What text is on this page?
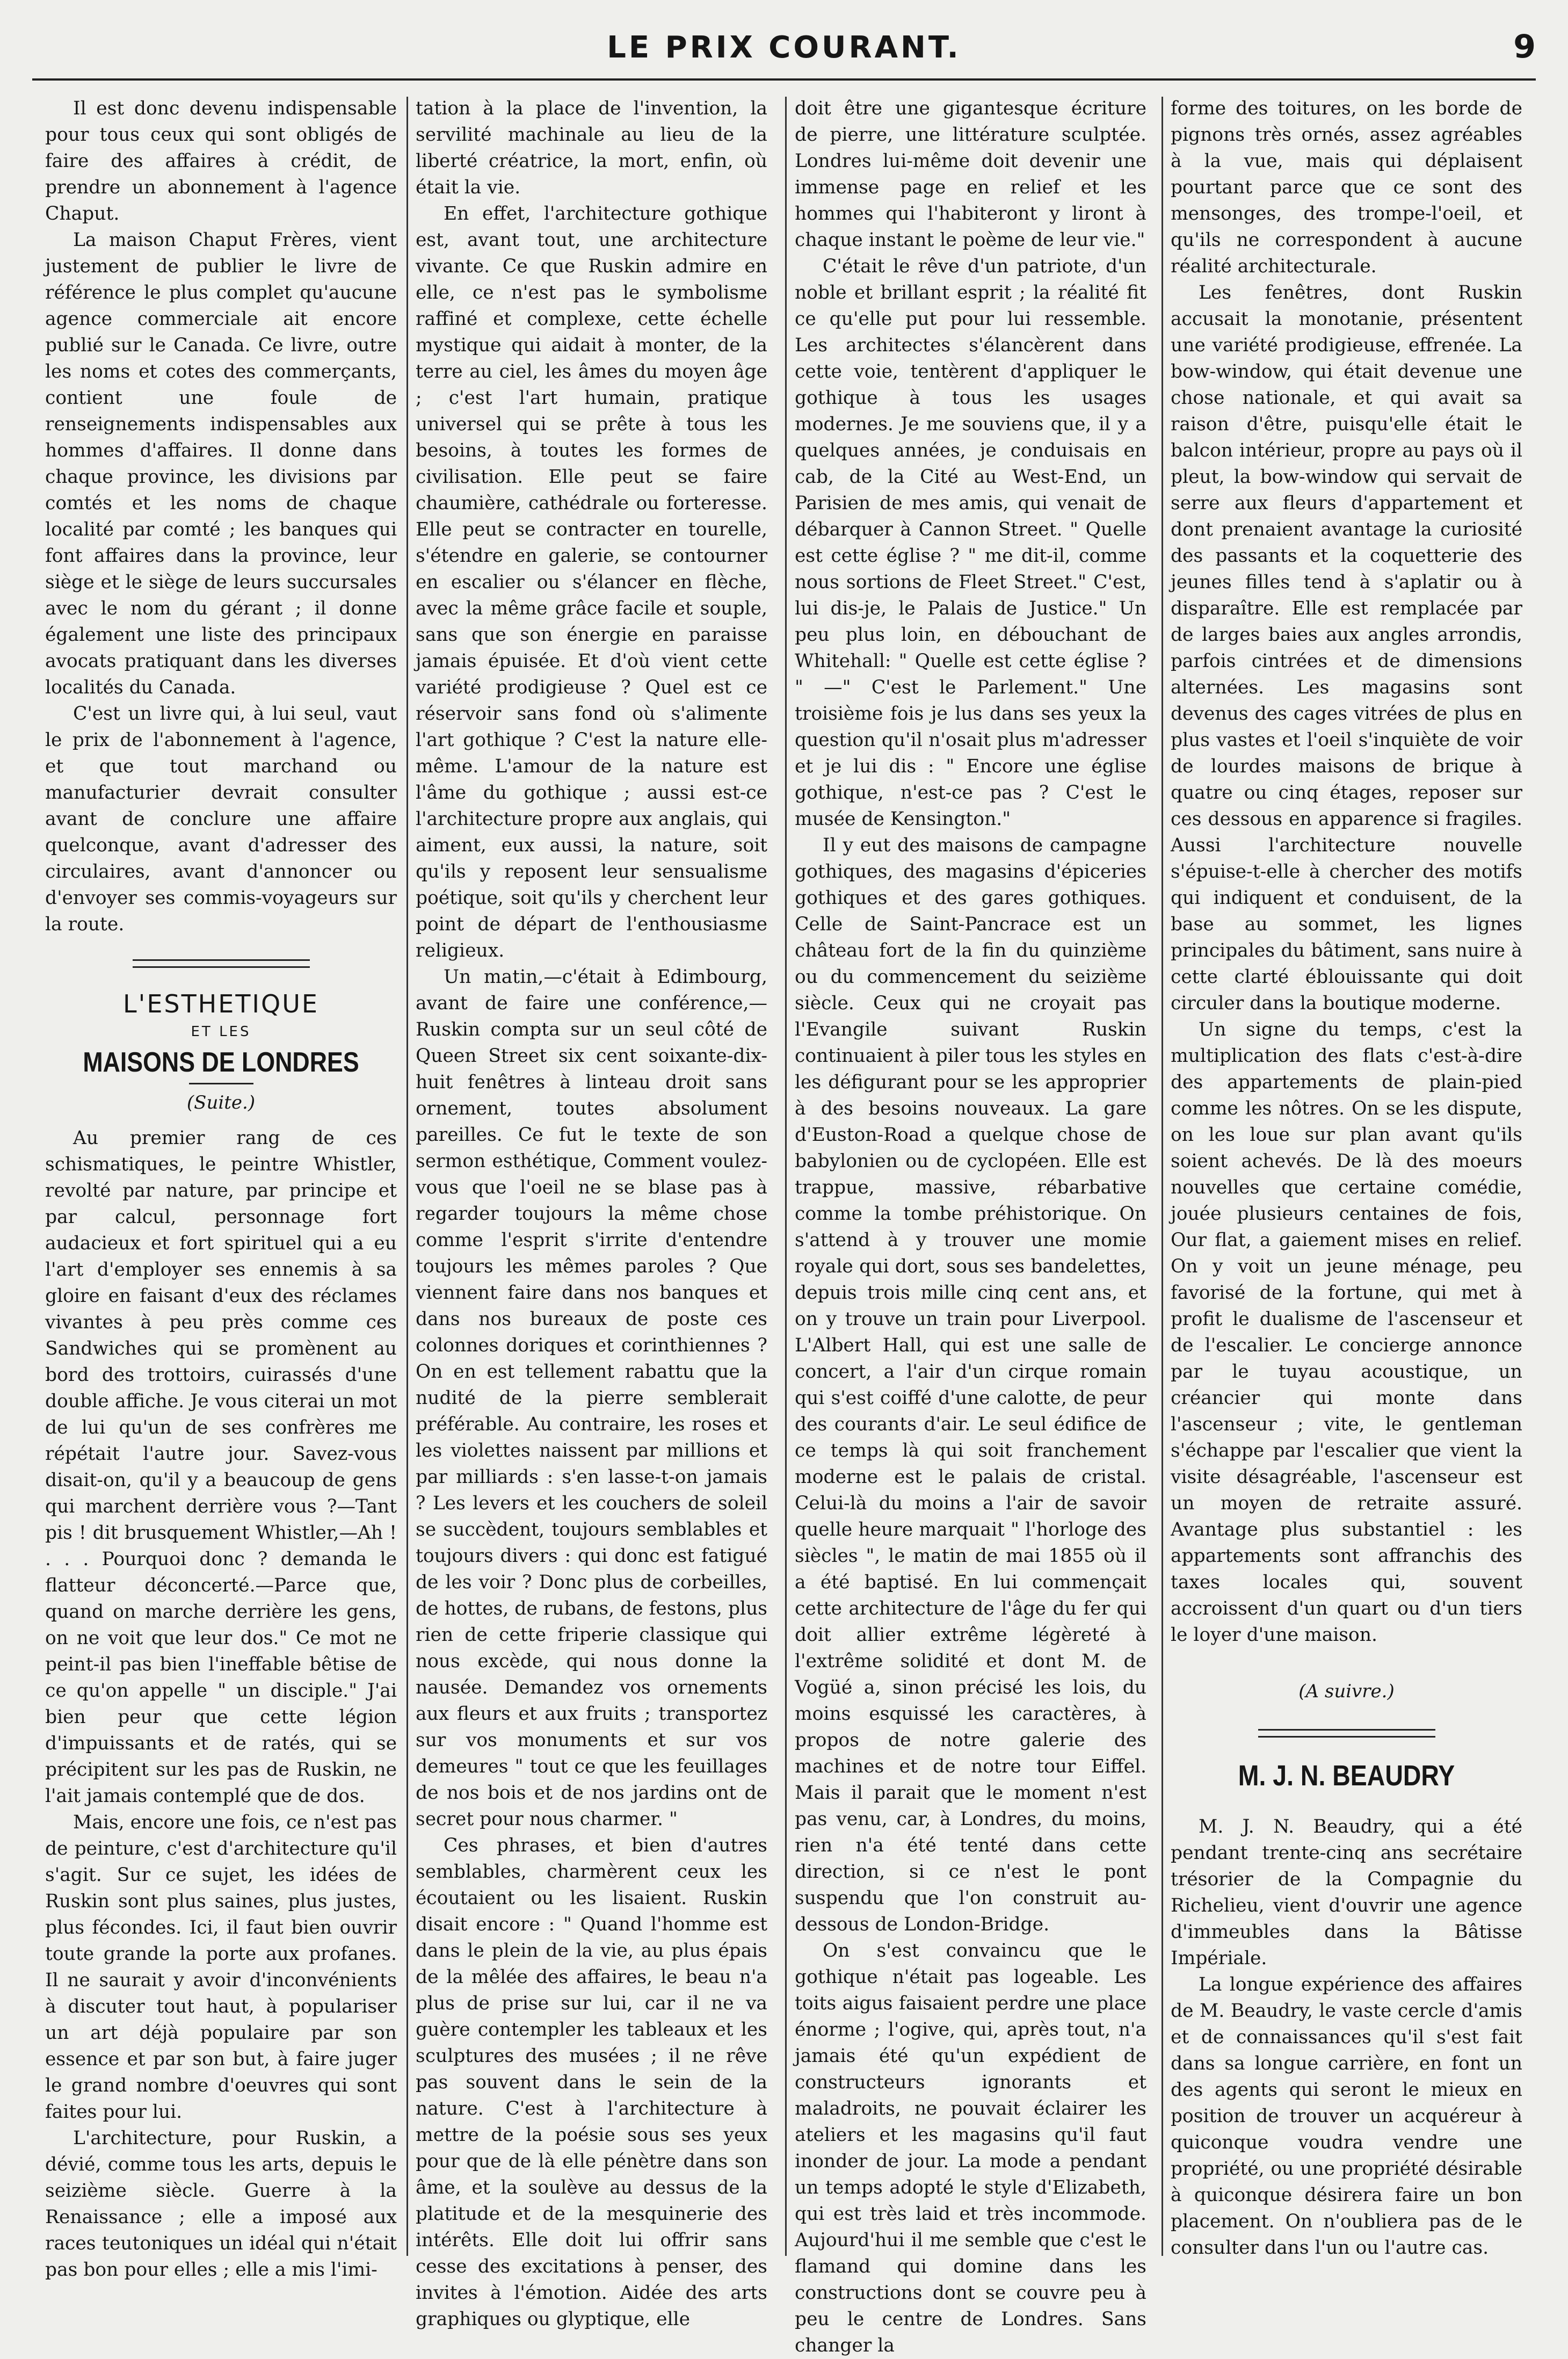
LE PRIX COURANT.	9

Il est donc devenu indispensable pour tous ceux qui sont obligés de faire des affaires à crédit, de prendre un abonnement à l'agence Chaput.

La maison Chaput Frères, vient justement de publier le livre de référence le plus complet qu'aucune agence commerciale ait encore publié sur le Canada. Ce livre, outre les noms et cotes des commerçants, contient une foule de renseignements indispensables aux hommes d'affaires. Il donne dans chaque province, les divisions par comtés et les noms de chaque localité par comté ; les banques qui font affaires dans la province, leur siège et le siège de leurs succursales avec le nom du gérant ; il donne également une liste des principaux avocats pratiquant dans les diverses localités du Canada.

C'est un livre qui, à lui seul, vaut le prix de l'abonnement à l'agence, et que tout marchand ou manufacturier devrait consulter avant de conclure une affaire quelconque, avant d'adresser des circulaires, avant d'annoncer ou d'envoyer ses commis-voyageurs sur la route.

L'ESTHETIQUE
ET LES
MAISONS DE LONDRES
(Suite.)

Au premier rang de ces schismatiques, le peintre Whistler, revolté par nature, par principe et par calcul, personnage fort audacieux et fort spirituel qui a eu l'art d'employer ses ennemis à sa gloire en faisant d'eux des réclames vivantes à peu près comme ces Sandwiches qui se promènent au bord des trottoirs, cuirassés d'une double affiche. Je vous citerai un mot de lui qu'un de ses confrères me répétait l'autre jour. Savez-vous disait-on, qu'il y a beaucoup de gens qui marchent derrière vous ?—Tant pis ! dit brusquement Whistler,—Ah ! . . . Pourquoi donc ? demanda le flatteur déconcerté.—Parce que, quand on marche derrière les gens, on ne voit que leur dos." Ce mot ne peint-il pas bien l'ineffable bêtise de ce qu'on appelle " un disciple." J'ai bien peur que cette légion d'impuissants et de ratés, qui se précipitent sur les pas de Ruskin, ne l'ait jamais contemplé que de dos.

Mais, encore une fois, ce n'est pas de peinture, c'est d'architecture qu'il s'agit. Sur ce sujet, les idées de Ruskin sont plus saines, plus justes, plus fécondes. Ici, il faut bien ouvrir toute grande la porte aux profanes. Il ne saurait y avoir d'inconvénients à discuter tout haut, à populariser un art déjà populaire par son essence et par son but, à faire juger le grand nombre d'oeuvres qui sont faites pour lui.

L'architecture, pour Ruskin, a dévié, comme tous les arts, depuis le seizième siècle. Guerre à la Renaissance ; elle a imposé aux races teutoniques un idéal qui n'était pas bon pour elles ; elle a mis l'imi-

tation à la place de l'invention, la servilité machinale au lieu de la liberté créatrice, la mort, enfin, où était la vie.

En effet, l'architecture gothique est, avant tout, une architecture vivante. Ce que Ruskin admire en elle, ce n'est pas le symbolisme raffiné et complexe, cette échelle mystique qui aidait à monter, de la terre au ciel, les âmes du moyen âge ; c'est l'art humain, pratique universel qui se prête à tous les besoins, à toutes les formes de civilisation. Elle peut se faire chaumière, cathédrale ou forteresse. Elle peut se contracter en tourelle, s'étendre en galerie, se contourner en escalier ou s'élancer en flèche, avec la même grâce facile et souple, sans que son énergie en paraisse jamais épuisée. Et d'où vient cette variété prodigieuse ? Quel est ce réservoir sans fond où s'alimente l'art gothique ? C'est la nature elle-même. L'amour de la nature est l'âme du gothique ; aussi est-ce l'architecture propre aux anglais, qui aiment, eux aussi, la nature, soit qu'ils y reposent leur sensualisme poétique, soit qu'ils y cherchent leur point de départ de l'enthousiasme religieux.

Un matin,—c'était à Edimbourg, avant de faire une conférence,—Ruskin compta sur un seul côté de Queen Street six cent soixante-dix-huit fenêtres à linteau droit sans ornement, toutes absolument pareilles. Ce fut le texte de son sermon esthétique, Comment voulez-vous que l'oeil ne se blase pas à regarder toujours la même chose comme l'esprit s'irrite d'entendre toujours les mêmes paroles ? Que viennent faire dans nos banques et dans nos bureaux de poste ces colonnes doriques et corinthiennes ? On en est tellement rabattu que la nudité de la pierre semblerait préférable. Au contraire, les roses et les violettes naissent par millions et par milliards : s'en lasse-t-on jamais ? Les levers et les couchers de soleil se succèdent, toujours semblables et toujours divers : qui donc est fatigué de les voir ? Donc plus de corbeilles, de hottes, de rubans, de festons, plus rien de cette friperie classique qui nous excède, qui nous donne la nausée. Demandez vos ornements aux fleurs et aux fruits ; transportez sur vos monuments et sur vos demeures " tout ce que les feuillages de nos bois et de nos jardins ont de secret pour nous charmer. "

Ces phrases, et bien d'autres semblables, charmèrent ceux les écoutaient ou les lisaient. Ruskin disait encore : " Quand l'homme est dans le plein de la vie, au plus épais de la mêlée des affaires, le beau n'a plus de prise sur lui, car il ne va guère contempler les tableaux et les sculptures des musées ; il ne rêve pas souvent dans le sein de la nature. C'est à l'architecture à mettre de la poésie sous ses yeux pour que de là elle pénètre dans son âme, et la soulève au dessus de la platitude et de la mesquinerie des intérêts. Elle doit lui offrir sans cesse des excitations à penser, des invites à l'émotion. Aidée des arts graphiques ou glyptique, elle

doit être une gigantesque écriture de pierre, une littérature sculptée. Londres lui-même doit devenir une immense page en relief et les hommes qui l'habiteront y liront à chaque instant le poème de leur vie."

C'était le rêve d'un patriote, d'un noble et brillant esprit ; la réalité fit ce qu'elle put pour lui ressemble. Les architectes s'élancèrent dans cette voie, tentèrent d'appliquer le gothique à tous les usages modernes. Je me souviens que, il y a quelques années, je conduisais en cab, de la Cité au West-End, un Parisien de mes amis, qui venait de débarquer à Cannon Street. " Quelle est cette église ? " me dit-il, comme nous sortions de Fleet Street." C'est, lui dis-je, le Palais de Justice." Un peu plus loin, en débouchant de Whitehall: " Quelle est cette église ? " —" C'est le Parlement." Une troisième fois je lus dans ses yeux la question qu'il n'osait plus m'adresser et je lui dis : " Encore une église gothique, n'est-ce pas ? C'est le musée de Kensington."

Il y eut des maisons de campagne gothiques, des magasins d'épiceries gothiques et des gares gothiques. Celle de Saint-Pancrace est un château fort de la fin du quinzième ou du commencement du seizième siècle. Ceux qui ne croyait pas l'Evangile suivant Ruskin continuaient à piler tous les styles en les défigurant pour se les approprier à des besoins nouveaux. La gare d'Euston-Road a quelque chose de babylonien ou de cyclopéen. Elle est trappue, massive, rébarbative comme la tombe préhistorique. On s'attend à y trouver une momie royale qui dort, sous ses bandelettes, depuis trois mille cinq cent ans, et on y trouve un train pour Liverpool. L'Albert Hall, qui est une salle de concert, a l'air d'un cirque romain qui s'est coiffé d'une calotte, de peur des courants d'air. Le seul édifice de ce temps là qui soit franchement moderne est le palais de cristal. Celui-là du moins a l'air de savoir quelle heure marquait " l'horloge des siècles ", le matin de mai 1855 où il a été baptisé. En lui commençait cette architecture de l'âge du fer qui doit allier extrême légèreté à l'extrême solidité et dont M. de Vogüé a, sinon précisé les lois, du moins esquissé les caractères, à propos de notre galerie des machines et de notre tour Eiffel. Mais il parait que le moment n'est pas venu, car, à Londres, du moins, rien n'a été tenté dans cette direction, si ce n'est le pont suspendu que l'on construit au-dessous de London-Bridge.

On s'est convaincu que le gothique n'était pas logeable. Les toits aigus faisaient perdre une place énorme ; l'ogive, qui, après tout, n'a jamais été qu'un expédient de constructeurs ignorants et maladroits, ne pouvait éclairer les ateliers et les magasins qu'il faut inonder de jour. La mode a pendant un temps adopté le style d'Elizabeth, qui est très laid et très incommode. Aujourd'hui il me semble que c'est le flamand qui domine dans les constructions dont se couvre peu à peu le centre de Londres. Sans changer la

forme des toitures, on les borde de pignons très ornés, assez agréables à la vue, mais qui déplaisent pourtant parce que ce sont des mensonges, des trompe-l'oeil, et qu'ils ne correspondent à aucune réalité architecturale.

Les fenêtres, dont Ruskin accusait la monotanie, présentent une variété prodigieuse, effrenée. La bow-window, qui était devenue une chose nationale, et qui avait sa raison d'être, puisqu'elle était le balcon intérieur, propre au pays où il pleut, la bow-window qui servait de serre aux fleurs d'appartement et dont prenaient avantage la curiosité des passants et la coquetterie des jeunes filles tend à s'aplatir ou à disparaître. Elle est remplacée par de larges baies aux angles arrondis, parfois cintrées et de dimensions alternées. Les magasins sont devenus des cages vitrées de plus en plus vastes et l'oeil s'inquiète de voir de lourdes maisons de brique à quatre ou cinq étages, reposer sur ces dessous en apparence si fragiles. Aussi l'architecture nouvelle s'épuise-t-elle à chercher des motifs qui indiquent et conduisent, de la base au sommet, les lignes principales du bâtiment, sans nuire à cette clarté éblouissante qui doit circuler dans la boutique moderne.

Un signe du temps, c'est la multiplication des flats c'est-à-dire des appartements de plain-pied comme les nôtres. On se les dispute, on les loue sur plan avant qu'ils soient achevés. De là des moeurs nouvelles que certaine comédie, jouée plusieurs centaines de fois, Our flat, a gaiement mises en relief. On y voit un jeune ménage, peu favorisé de la fortune, qui met à profit le dualisme de l'ascenseur et de l'escalier. Le concierge annonce par le tuyau acoustique, un créancier qui monte dans l'ascenseur ; vite, le gentleman s'échappe par l'escalier que vient la visite désagréable, l'ascenseur est un moyen de retraite assuré. Avantage plus substantiel : les appartements sont affranchis des taxes locales qui, souvent accroissent d'un quart ou d'un tiers le loyer d'une maison.

(A suivre.)
M. J. N. BEAUDRY

M. J. N. Beaudry, qui a été pendant trente-cinq ans secrétaire trésorier de la Compagnie du Richelieu, vient d'ouvrir une agence d'immeubles dans la Bâtisse Impériale.

La longue expérience des affaires de M. Beaudry, le vaste cercle d'amis et de connaissances qu'il s'est fait dans sa longue carrière, en font un des agents qui seront le mieux en position de trouver un acquéreur à quiconque voudra vendre une propriété, ou une propriété désirable à quiconque désirera faire un bon placement. On n'oubliera pas de le consulter dans l'un ou l'autre cas.
